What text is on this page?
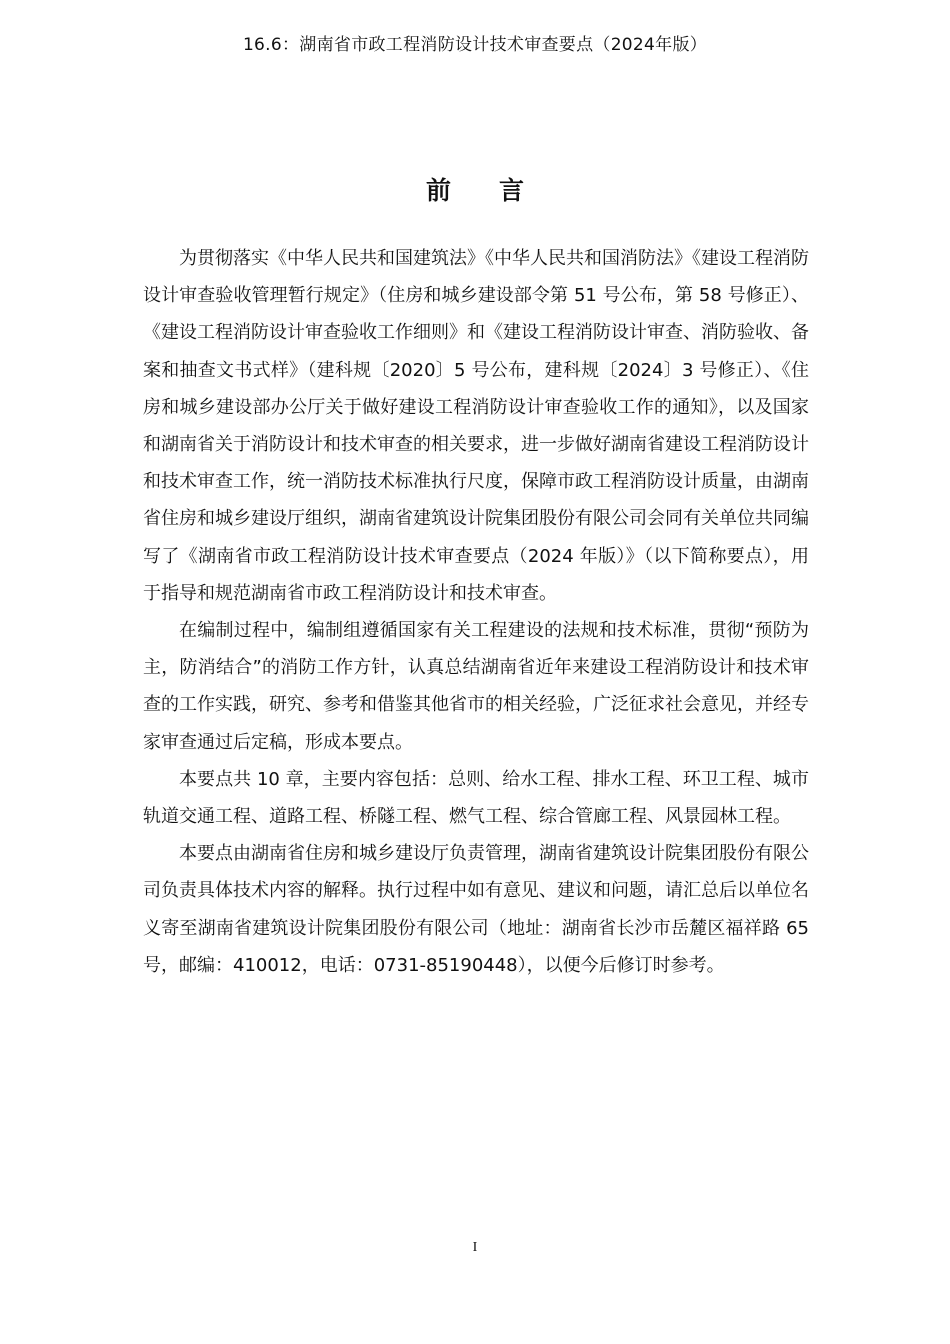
16.6：湖南省市政工程消防设计技术审查要点（2024年版）
前言

为贯彻落实《中华人民共和国建筑法》《中华人民共和国消防法》《建设工程消防设计审查验收管理暂行规定》（住房和城乡建设部令第 51 号公布，第 58 号修正）、《建设工程消防设计审查验收工作细则》和《建设工程消防设计审查、消防验收、备案和抽查文书式样》（建科规〔2020〕5 号公布，建科规〔2024〕3 号修正）、《住房和城乡建设部办公厅关于做好建设工程消防设计审查验收工作的通知》，以及国家和湖南省关于消防设计和技术审查的相关要求，进一步做好湖南省建设工程消防设计和技术审查工作，统一消防技术标准执行尺度，保障市政工程消防设计质量，由湖南省住房和城乡建设厅组织，湖南省建筑设计院集团股份有限公司会同有关单位共同编写了《湖南省市政工程消防设计技术审查要点（2024 年版）》（以下简称要点），用于指导和规范湖南省市政工程消防设计和技术审查。

在编制过程中，编制组遵循国家有关工程建设的法规和技术标准，贯彻“预防为主，防消结合”的消防工作方针，认真总结湖南省近年来建设工程消防设计和技术审查的工作实践，研究、参考和借鉴其他省市的相关经验，广泛征求社会意见，并经专家审查通过后定稿，形成本要点。

本要点共 10 章，主要内容包括：总则、给水工程、排水工程、环卫工程、城市轨道交通工程、道路工程、桥隧工程、燃气工程、综合管廊工程、风景园林工程。

本要点由湖南省住房和城乡建设厅负责管理，湖南省建筑设计院集团股份有限公司负责具体技术内容的解释。执行过程中如有意见、建议和问题，请汇总后以单位名义寄至湖南省建筑设计院集团股份有限公司（地址：湖南省长沙市岳麓区福祥路 65 号，邮编：410012，电话：0731-85190448），以便今后修订时参考。

I
